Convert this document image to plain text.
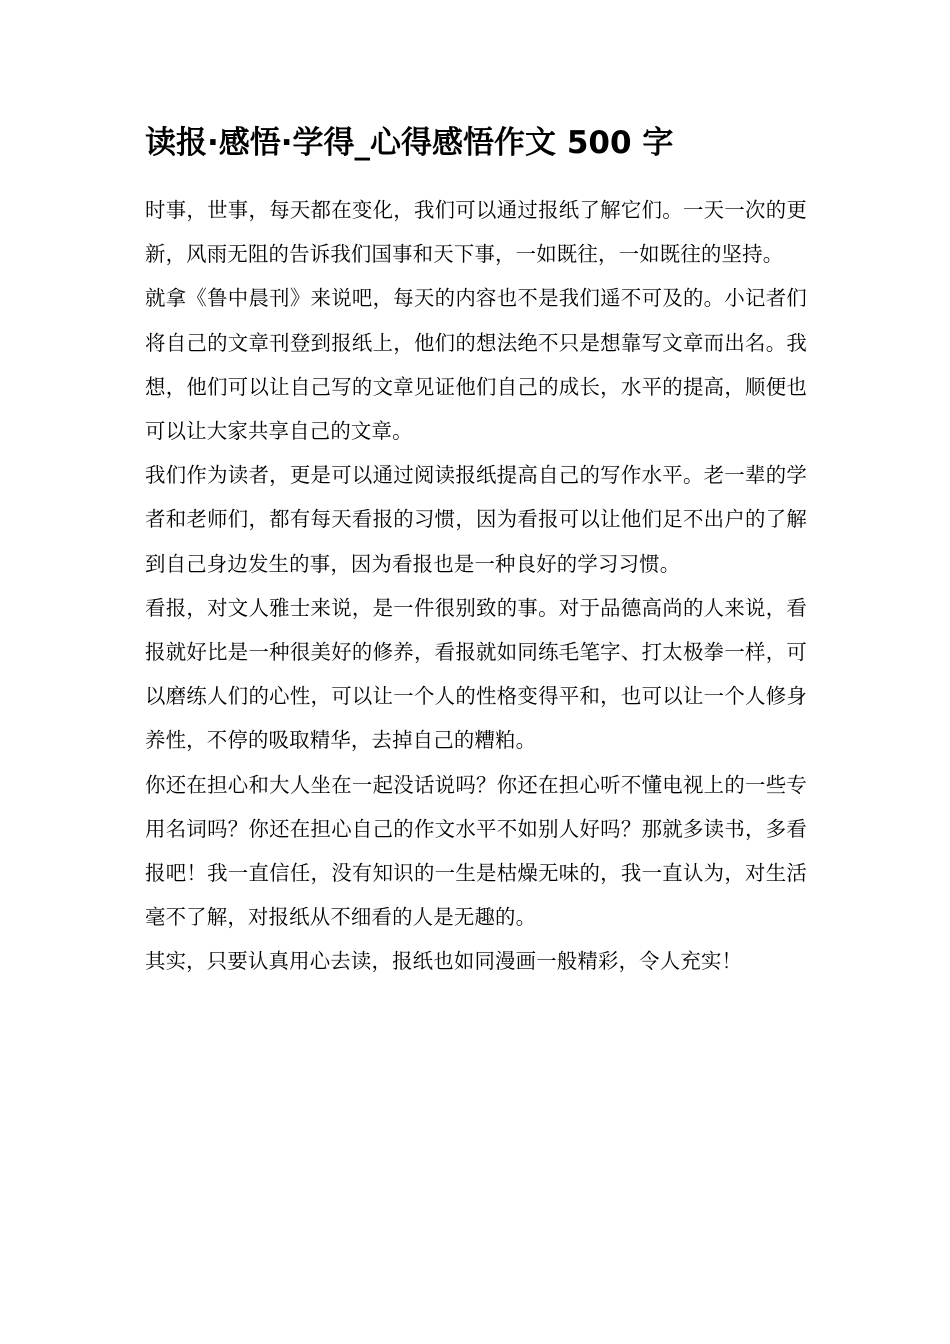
读报·感悟·学得_心得感悟作文 500 字

时事，世事，每天都在变化，我们可以通过报纸了解它们。一天一次的更新，风雨无阻的告诉我们国事和天下事，一如既往，一如既往的坚持。

就拿《鲁中晨刊》来说吧，每天的内容也不是我们遥不可及的。小记者们将自己的文章刊登到报纸上，他们的想法绝不只是想靠写文章而出名。我想，他们可以让自己写的文章见证他们自己的成长，水平的提高，顺便也可以让大家共享自己的文章。

我们作为读者，更是可以通过阅读报纸提高自己的写作水平。老一辈的学者和老师们，都有每天看报的习惯，因为看报可以让他们足不出户的了解到自己身边发生的事，因为看报也是一种良好的学习习惯。

看报，对文人雅士来说，是一件很别致的事。对于品德高尚的人来说，看报就好比是一种很美好的修养，看报就如同练毛笔字、打太极拳一样，可以磨练人们的心性，可以让一个人的性格变得平和，也可以让一个人修身养性，不停的吸取精华，去掉自己的糟粕。

你还在担心和大人坐在一起没话说吗？你还在担心听不懂电视上的一些专用名词吗？你还在担心自己的作文水平不如别人好吗？那就多读书，多看报吧！我一直信任，没有知识的一生是枯燥无味的，我一直认为，对生活毫不了解，对报纸从不细看的人是无趣的。

其实，只要认真用心去读，报纸也如同漫画一般精彩，令人充实！
